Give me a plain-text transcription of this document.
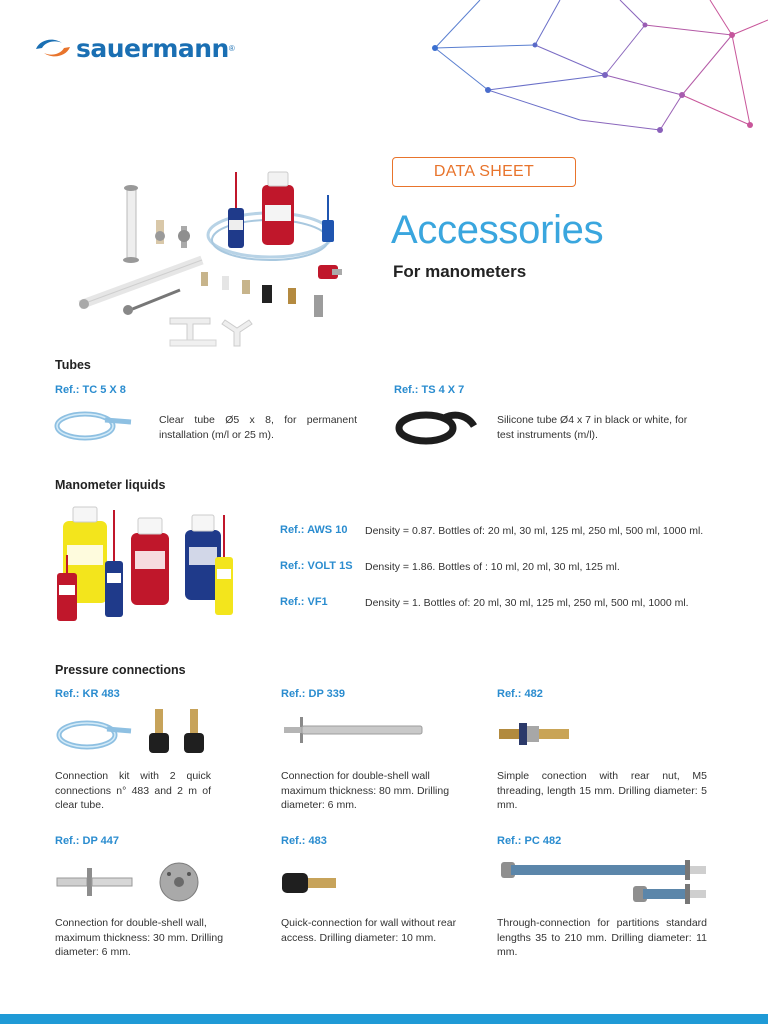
sauermann ®
DATA SHEET
Accessories
For manometers
Tubes
Ref.: TC 5 X 8
Clear tube Ø5 x 8, for permanent installation (m/l or 25 m).
Ref.: TS 4 X 7
Silicone tube Ø4 x 7 in black or white, for test instruments (m/l).
Manometer liquids
Ref.: AWS 10 Density = 0.87. Bottles of: 20 ml, 30 ml, 125 ml, 250 ml, 500 ml, 1000 ml.
Ref.: VOLT 1S Density = 1.86. Bottles of : 10 ml, 20 ml, 30 ml, 125 ml.
Ref.: VF1	Density = 1. Bottles of: 20 ml, 30 ml, 125 ml, 250 ml, 500 ml, 1000 ml.
Pressure connections
Ref.: KR 483
Connection kit with 2 quick connections n° 483 and 2 m of clear tube.
Ref.: DP 339
Connection for double-shell wall maximum thickness: 80 mm. Drilling diameter: 6 mm.
Ref.: 482
Simple conection with rear nut, M5 threading, length 15 mm. Drilling diameter: 5 mm.
Ref.: DP 447
Connection for double-shell wall, maximum thickness: 30 mm. Drilling diameter: 6 mm.
Ref.: 483
Quick-connection for wall without rear access. Drilling diameter: 10 mm.
Ref.: PC 482
Through-connection for partitions standard lengths 35 to 210 mm. Drilling diameter: 11 mm.
